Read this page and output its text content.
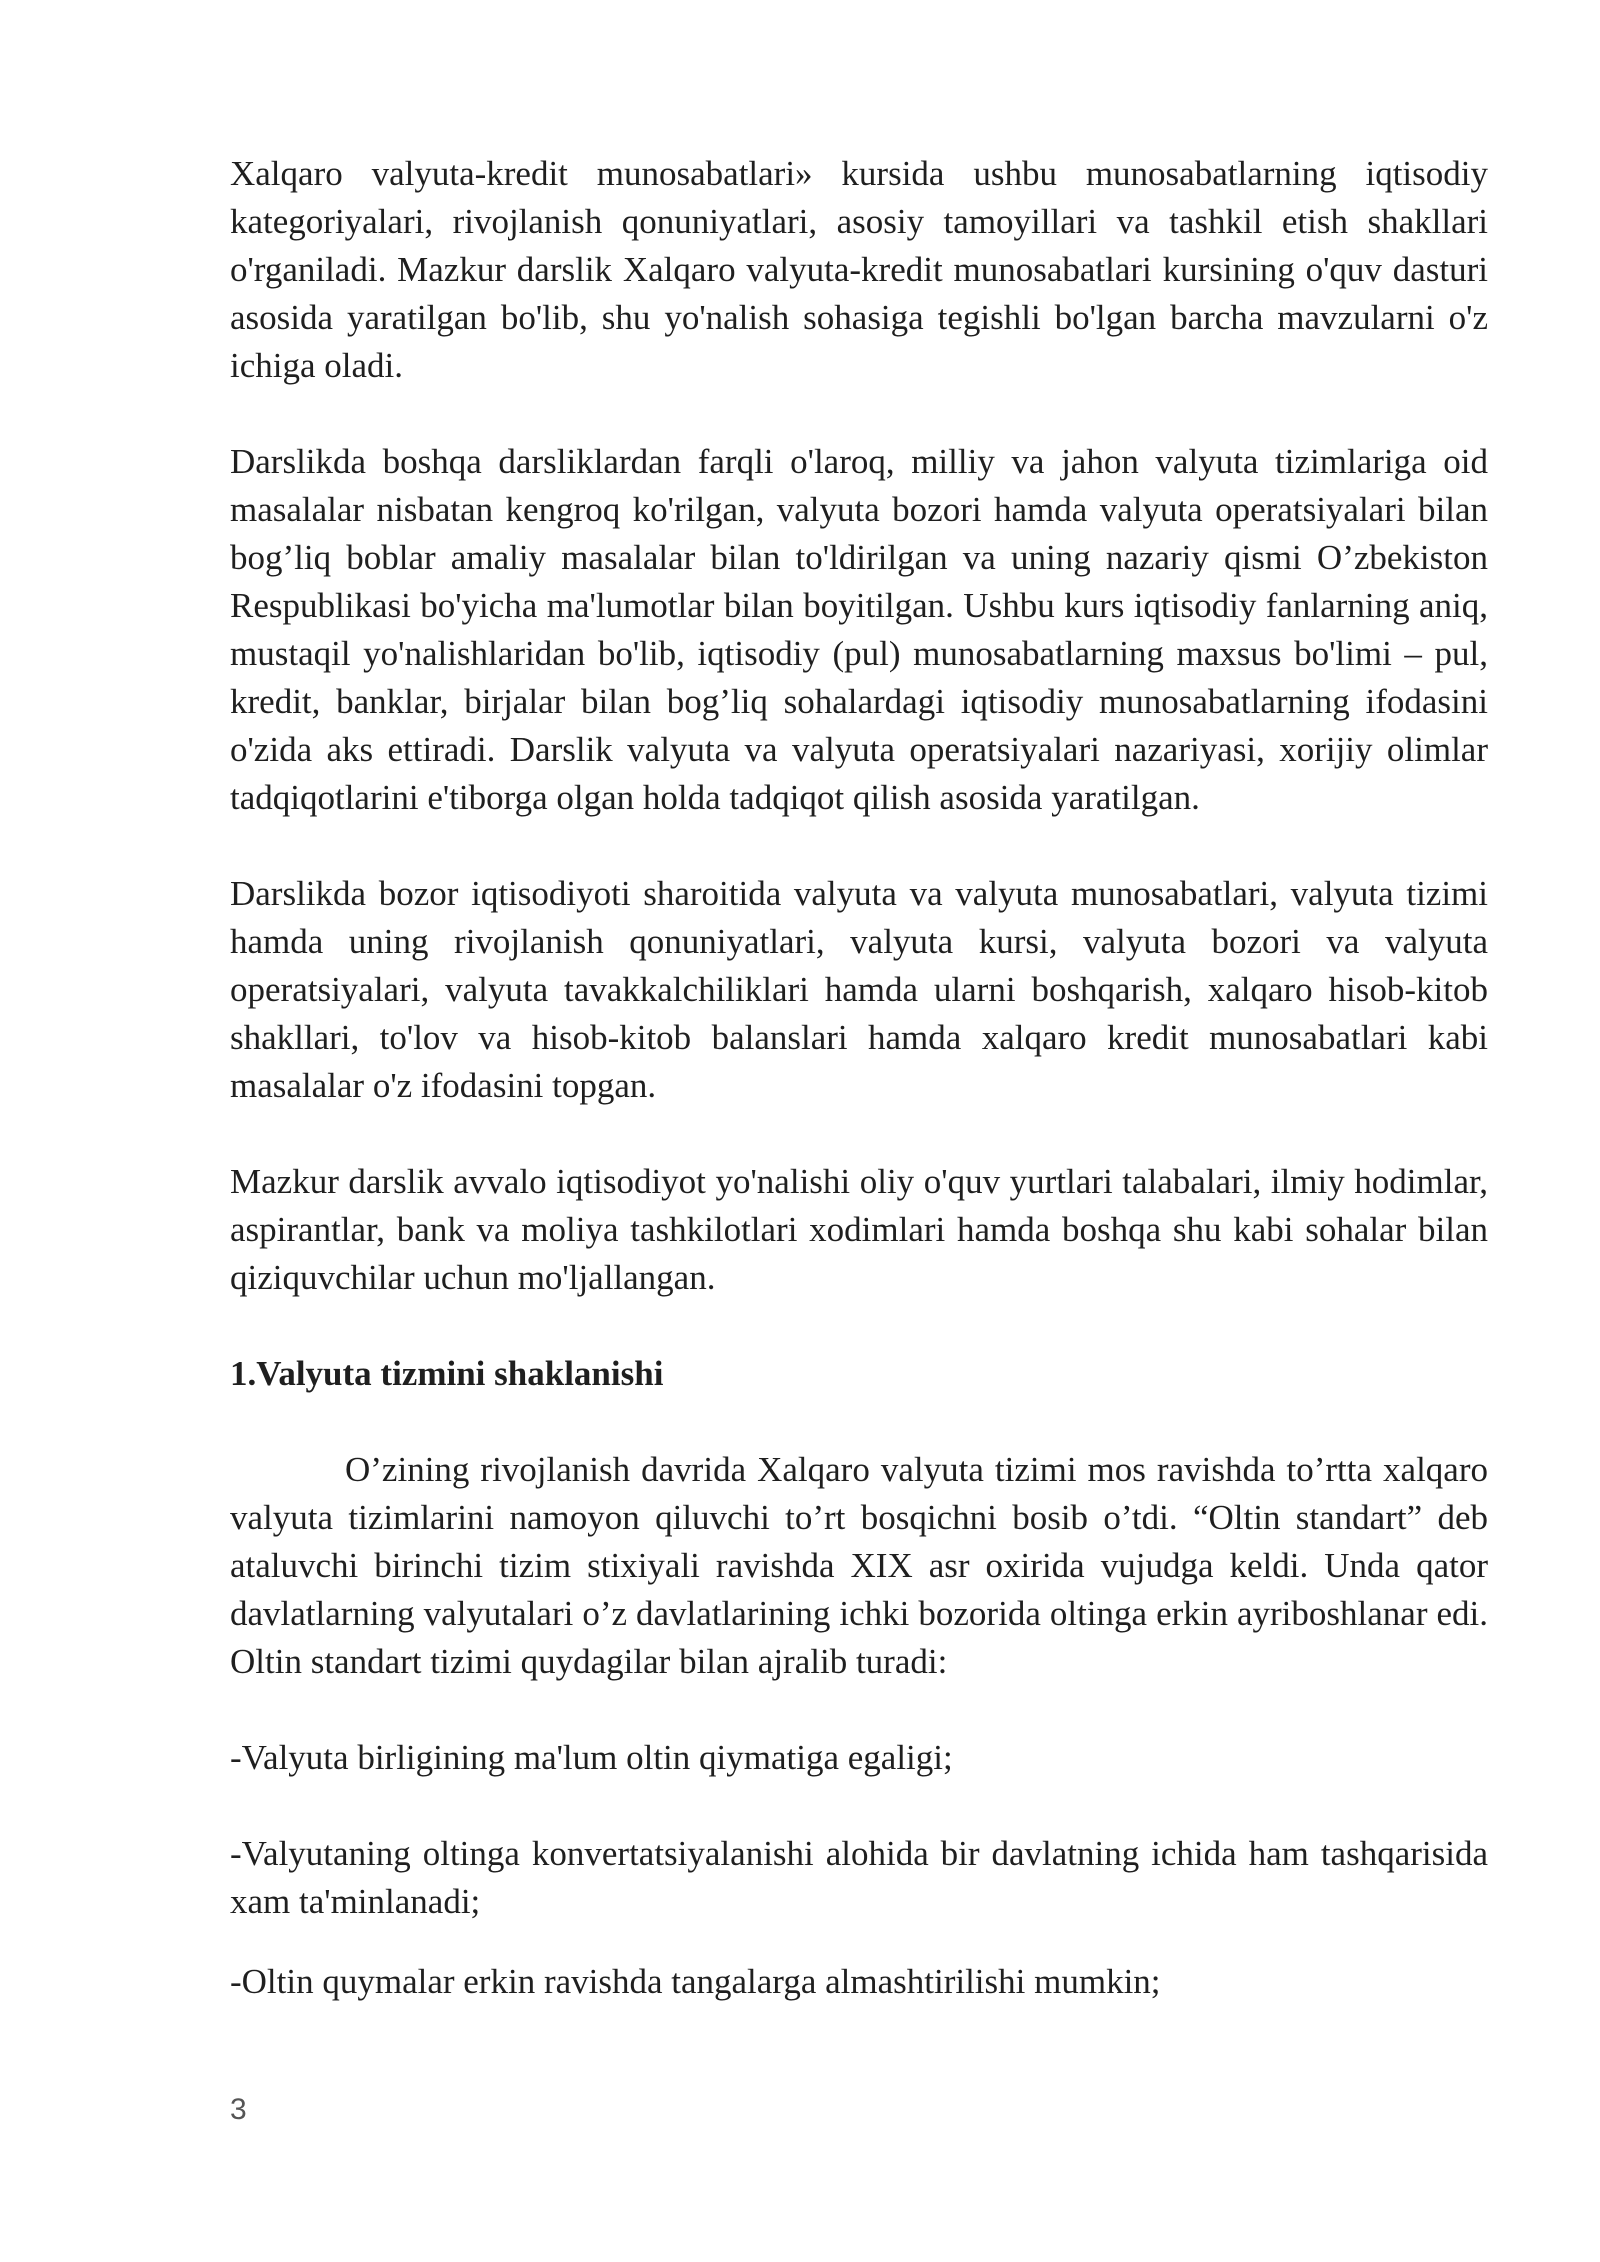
Xalqaro valyuta-kredit munosabatlari» kursida ushbu munosabatlarning iqtisodiy kategoriyalari, rivojlanish qonuniyatlari, asosiy tamoyillari va tashkil etish shakllari o'rganiladi. Mazkur darslik Xalqaro valyuta-kredit munosabatlari kursining o'quv dasturi asosida yaratilgan bo'lib, shu yo'nalish sohasiga tegishli bo'lgan barcha mavzularni o'z ichiga oladi.

Darslikda boshqa darsliklardan farqli o'laroq, milliy va jahon valyuta tizimlariga oid masalalar nisbatan kengroq ko'rilgan, valyuta bozori hamda valyuta operatsiyalari bilan bog’liq boblar amaliy masalalar bilan to'ldirilgan va uning nazariy qismi O’zbekiston Respublikasi bo'yicha ma'lumotlar bilan boyitilgan. Ushbu kurs iqtisodiy fanlarning aniq, mustaqil yo'nalishlaridan bo'lib, iqtisodiy (pul) munosabatlarning maxsus bo'limi – pul, kredit, banklar, birjalar bilan bog’liq sohalardagi iqtisodiy munosabatlarning ifodasini o'zida aks ettiradi. Darslik valyuta va valyuta operatsiyalari nazariyasi, xorijiy olimlar tadqiqotlarini e'tiborga olgan holda tadqiqot qilish asosida yaratilgan.

Darslikda bozor iqtisodiyoti sharoitida valyuta va valyuta munosabatlari, valyuta tizimi hamda uning rivojlanish qonuniyatlari, valyuta kursi, valyuta bozori va valyuta operatsiyalari, valyuta tavakkalchiliklari hamda ularni boshqarish, xalqaro hisob-kitob shakllari, to'lov va hisob-kitob balanslari hamda xalqaro kredit munosabatlari kabi masalalar o'z ifodasini topgan.

Mazkur darslik avvalo iqtisodiyot yo'nalishi oliy o'quv yurtlari talabalari, ilmiy hodimlar, aspirantlar, bank va moliya tashkilotlari xodimlari hamda boshqa shu kabi sohalar bilan qiziquvchilar uchun mo'ljallangan.

1.Valyuta tizmini shaklanishi

O’zining rivojlanish davrida Xalqaro valyuta tizimi mos ravishda to’rtta xalqaro valyuta tizimlarini namoyon qiluvchi to’rt bosqichni bosib o’tdi. “Oltin standart” deb ataluvchi birinchi tizim stixiyali ravishda XIX asr oxirida vujudga keldi. Unda qator davlatlarning valyutalari o’z davlatlarining ichki bozorida oltinga erkin ayriboshlanar edi. Oltin standart tizimi quydagilar bilan ajralib turadi:

-Valyuta birligining ma'lum oltin qiymatiga egaligi;

-Valyutaning oltinga konvertatsiyalanishi alohida bir davlatning ichida ham tashqarisida xam ta'minlanadi;

-Oltin quymalar erkin ravishda tangalarga almashtirilishi mumkin;

3
